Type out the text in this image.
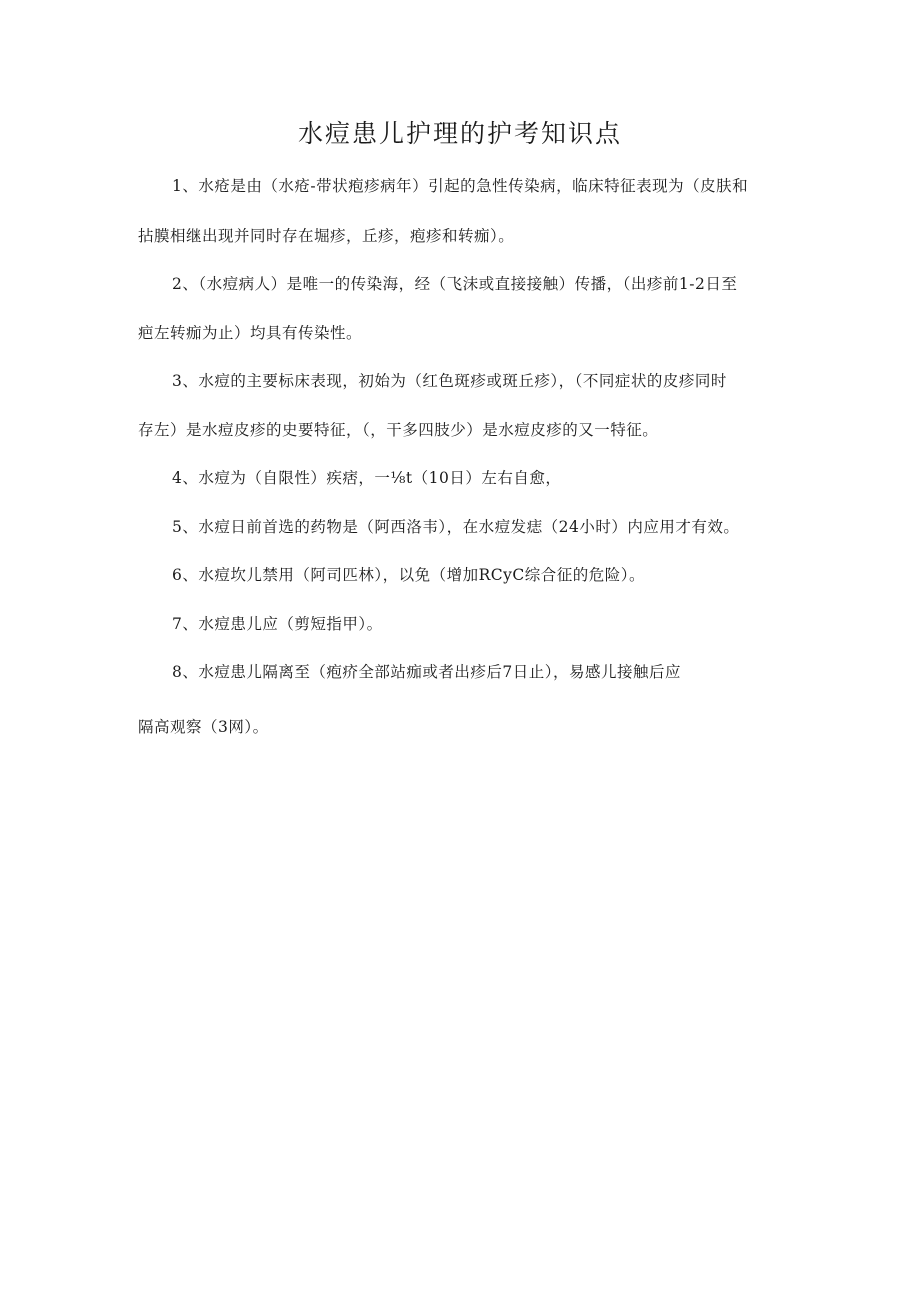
水痘患儿护理的护考知识点
1、水疮是由（水疮-带状疱疹病年）引起的急性传染病，临床特征表现为（皮肤和
拈膜相继出现并同时存在堀疹，丘疹，疱疹和转痂）。
2、（水痘病人）是唯一的传染海，经（飞沫或直接接触）传播，（出疹前1-2日至
疤左转痂为止）均具有传染性。
3、水痘的主要标床表现，初始为（红色斑疹或斑丘疹），（不同症状的皮疹同时
存左）是水痘皮疹的史要特征，（，干多四肢少）是水痘皮疹的又一特征。
4、水痘为（自限性）疾痞，一⅛t（10日）左右自愈，
5、水痘日前首选的药物是（阿西洛韦），在水痘发痣（24小时）内应用才有效。
6、水痘坎儿禁用（阿司匹林），以免（增加RCyC综合征的危险）。
7、水痘患儿应（剪短指甲）。
8、水痘患儿隔离至（疱疥全部站痂或者出疹后7日止），易感儿接触后应
隔高观察（3网）。
